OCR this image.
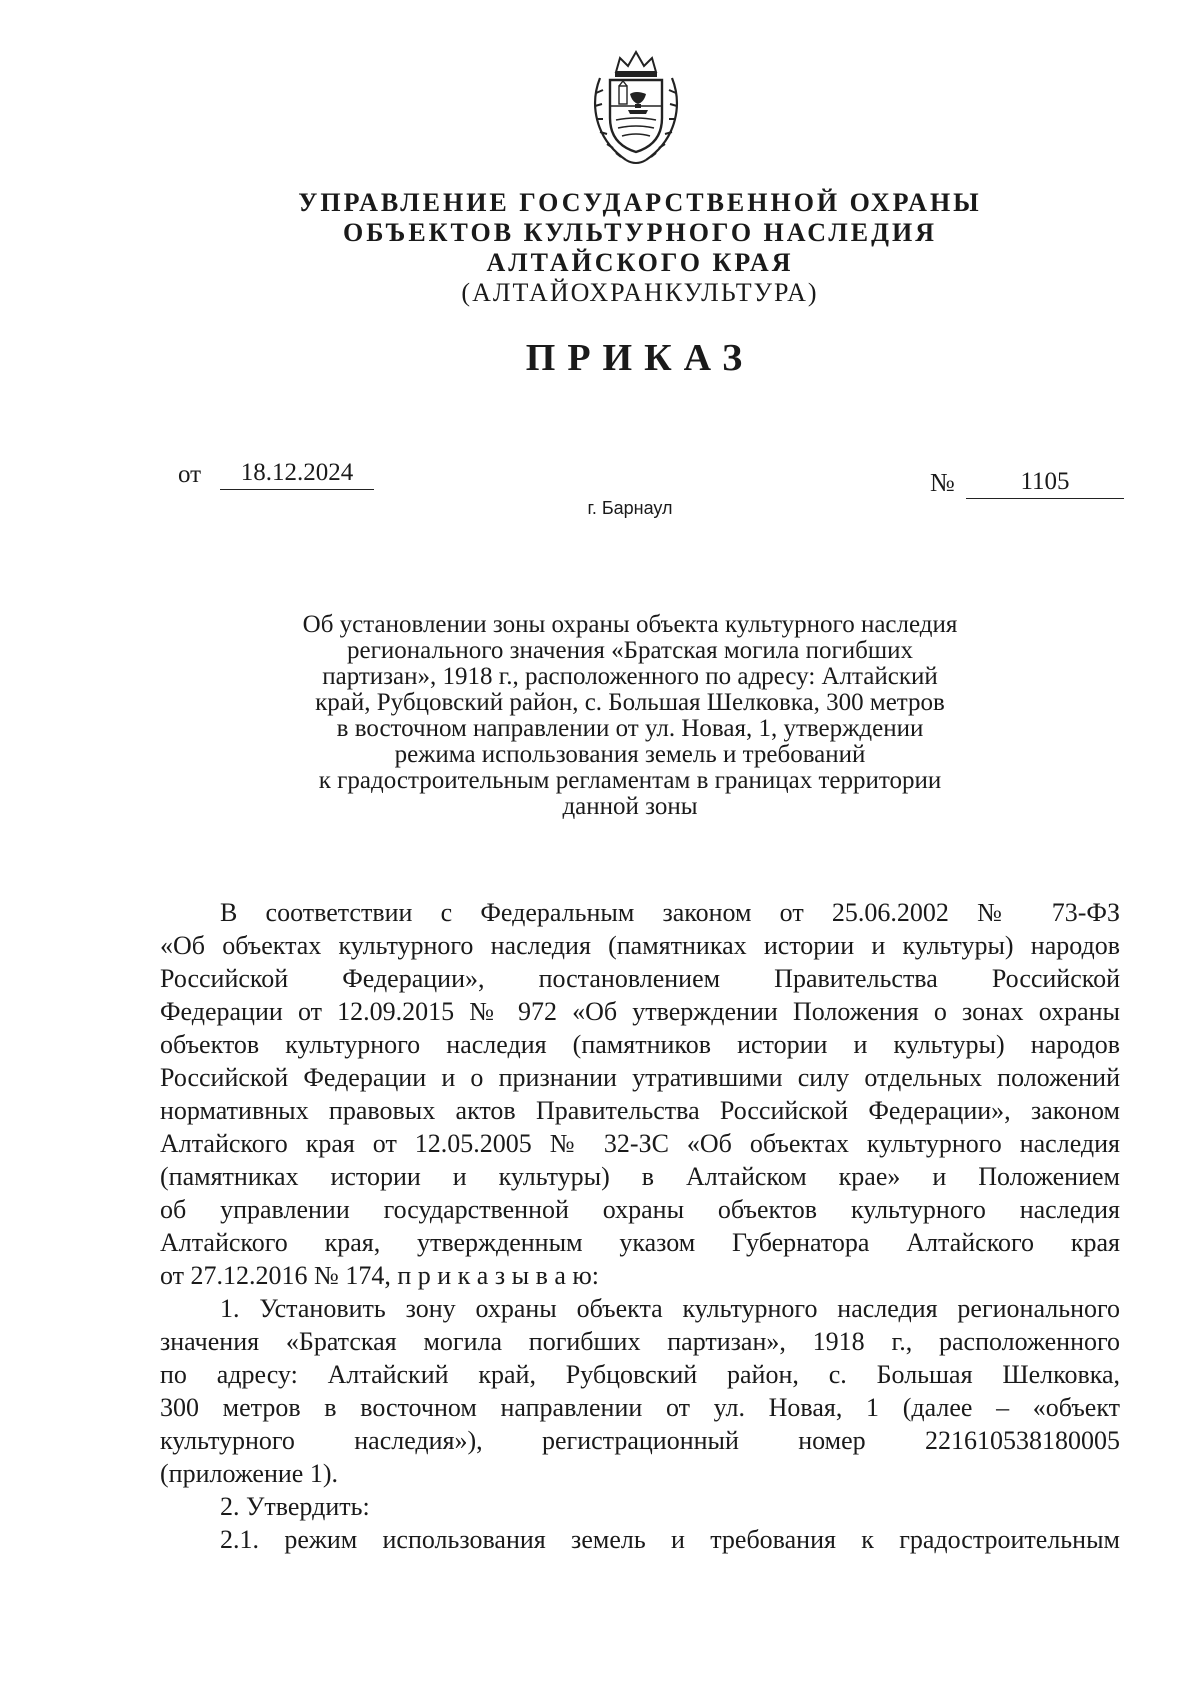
УПРАВЛЕНИЕ ГОСУДАРСТВЕННОЙ ОХРАНЫ
ОБЪЕКТОВ КУЛЬТУРНОГО НАСЛЕДИЯ
АЛТАЙСКОГО КРАЯ
(АЛТАЙОХРАНКУЛЬТУРА)
ПРИКАЗ
от	18.12.2024	№	1105
г. Барнаул
Об установлении зоны охраны объекта культурного наследия
регионального значения «Братская могила погибших
партизан», 1918 г., расположенного по адресу: Алтайский
край, Рубцовский район, с. Большая Шелковка, 300 метров
в восточном направлении от ул. Новая, 1, утверждении
режима использования земель и требований
к градостроительным регламентам в границах территории
данной зоны
В соответствии с Федеральным законом от 25.06.2002 № 73-ФЗ
«Об объектах культурного наследия (памятниках истории и культуры) народов
Российской Федерации», постановлением Правительства Российской
Федерации от 12.09.2015 № 972 «Об утверждении Положения о зонах охраны
объектов культурного наследия (памятников истории и культуры) народов
Российской Федерации и о признании утратившими силу отдельных положений
нормативных правовых актов Правительства Российской Федерации», законом
Алтайского края от 12.05.2005 № 32-ЗС «Об объектах культурного наследия
(памятниках истории и культуры) в Алтайском крае» и Положением
об управлении государственной охраны объектов культурного наследия
Алтайского края, утвержденным указом Губернатора Алтайского края
от 27.12.2016 № 174, п р и к а з ы в а ю:
1. Установить зону охраны объекта культурного наследия регионального
значения «Братская могила погибших партизан», 1918 г., расположенного
по адресу: Алтайский край, Рубцовский район, с. Большая Шелковка,
300 метров в восточном направлении от ул. Новая, 1 (далее – «объект
культурного наследия»), регистрационный номер 221610538180005
(приложение 1).
2. Утвердить:
2.1. режим использования земель и требования к градостроительным
